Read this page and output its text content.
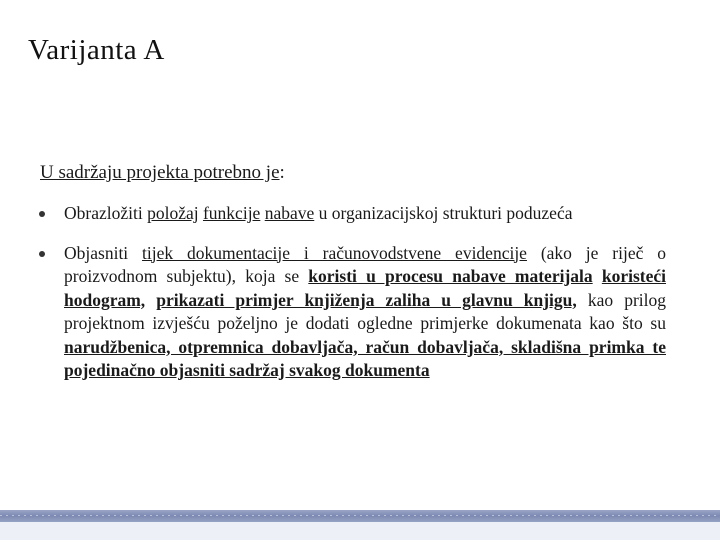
Varijanta A
U sadržaju projekta potrebno je:
Obrazložiti položaj funkcije nabave u organizacijskoj strukturi poduzeća
Objasniti tijek dokumentacije i računovodstvene evidencije (ako je riječ o proizvodnom subjektu), koja se koristi u procesu nabave materijala koristeći hodogram, prikazati primjer knjiženja zaliha u glavnu knjigu, kao prilog projektnom izvješću poželjno je dodati ogledne primjerke dokumenata kao što su narudžbenica, otpremnica dobavljača, račun dobavljača, skladišna primka te pojedinačno objasniti sadržaj svakog dokumenta
